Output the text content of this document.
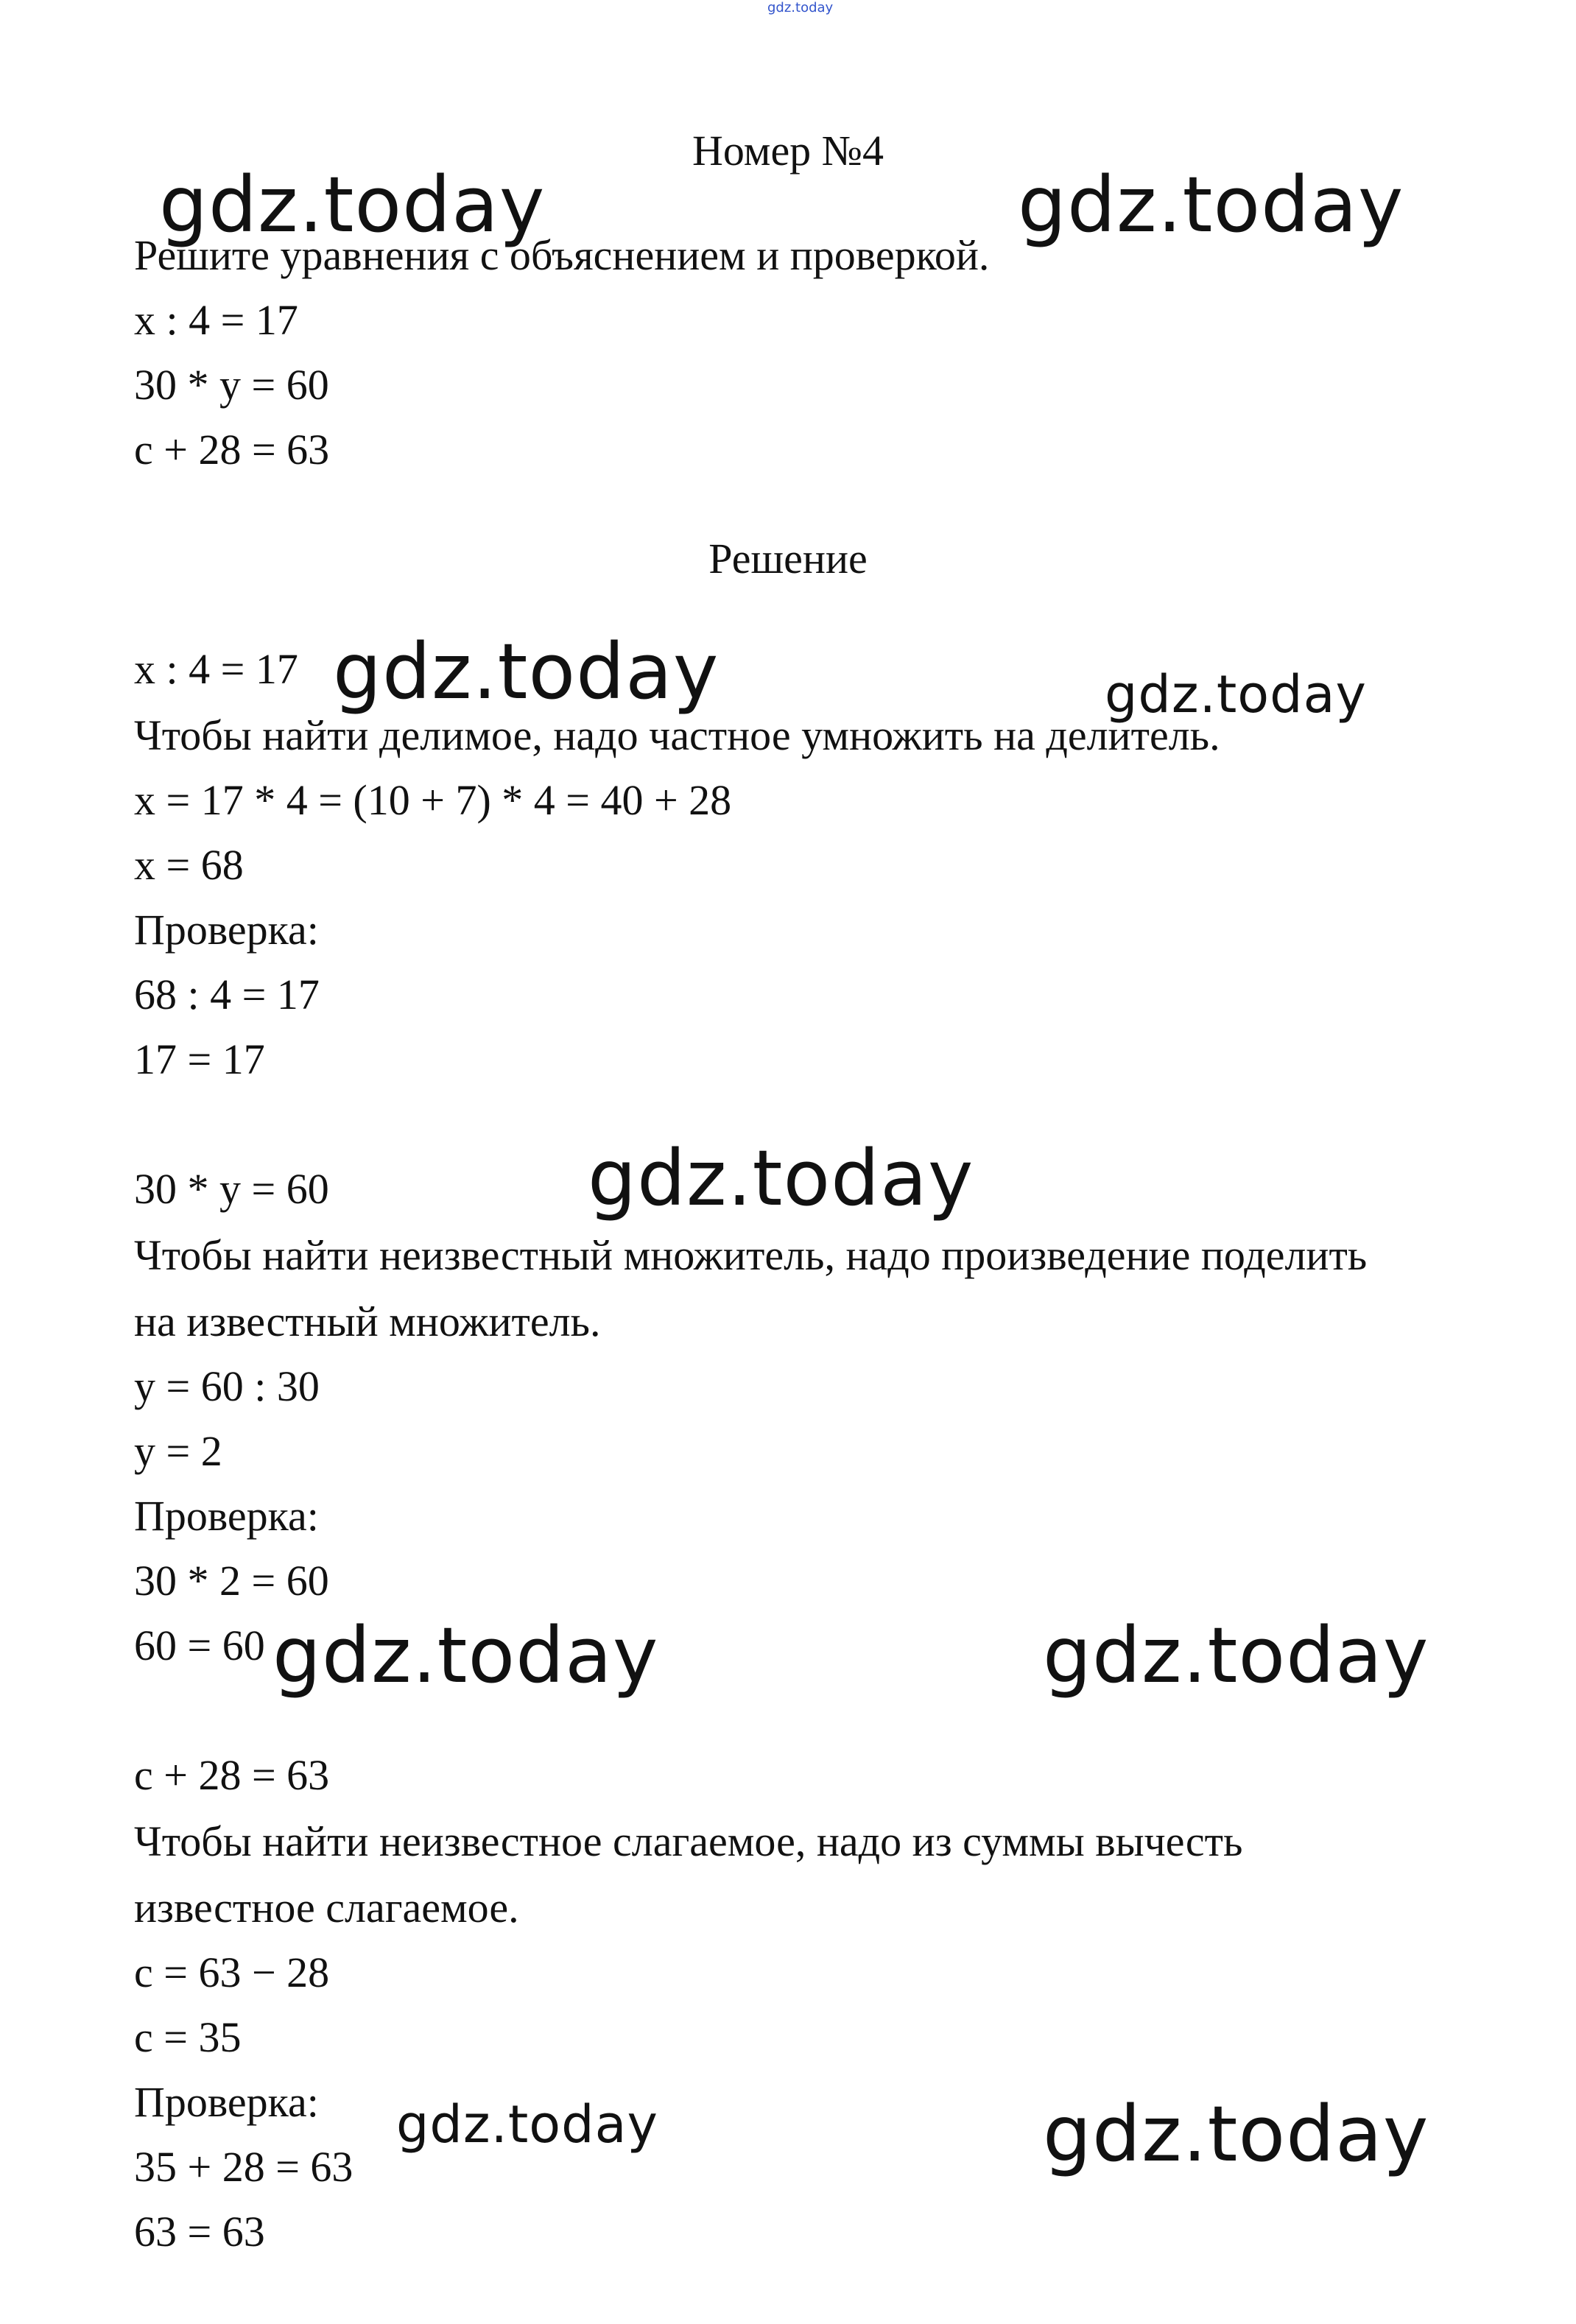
gdz.today
Номер №4
Решите уравнения с объяснением и проверкой.
x : 4 = 17
30 * y = 60
c + 28 = 63
Решение
x : 4 = 17
Чтобы найти делимое, надо частное умножить на делитель.
x = 17 * 4 = (10 + 7) * 4 = 40 + 28
x = 68
Проверка:
68 : 4 = 17
17 = 17
30 * y = 60
Чтобы найти неизвестный множитель, надо произведение поделить
на известный множитель.
y = 60 : 30
y = 2
Проверка:
30 * 2 = 60
60 = 60
c + 28 = 63
Чтобы найти неизвестное слагаемое, надо из суммы вычесть
известное слагаемое.
c = 63 − 28
c = 35
Проверка:
35 + 28 = 63
63 = 63
gdz.today	gdz.today
gdz.today	gdz.today
gdz.today
gdz.today	gdz.today
gdz.today	gdz.today
